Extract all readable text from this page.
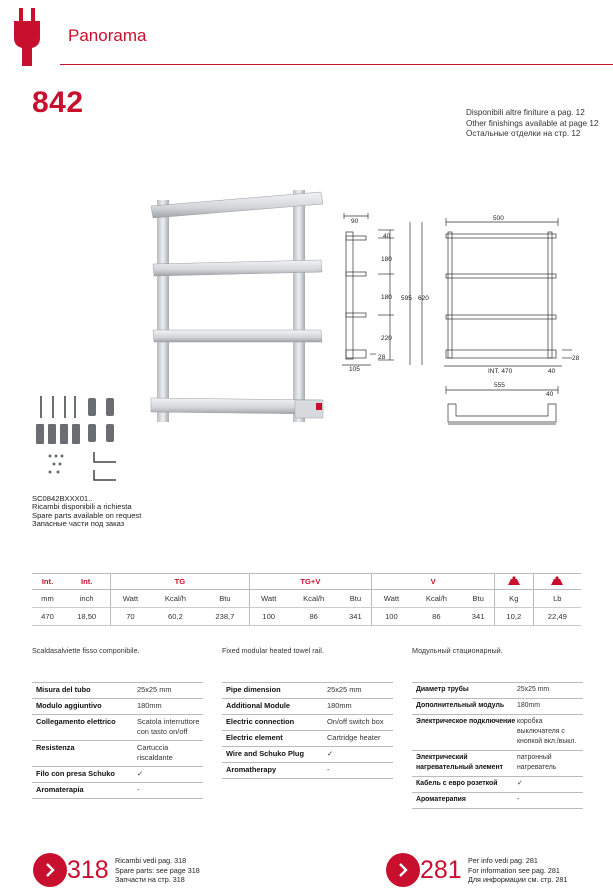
Panorama
842	Disponibili altre finiture a pag. 12
Other finishings available at page 12
Остальные отделки на стр. 12
90
40
180
180
220
595 620
28
105
500
INT. 470	40
28
555
40
SC0842BXXX01..
Ricambi disponibili a richiesta
Spare parts available on request
Запасные части под заказ
Int.	Int.	TG			TG+V			V		
mm	inch	Watt	Kcal/h	Btu	Watt	Kcal/h	Btu	Watt	Kcal/h	Btu	Kg	Lb
470	18,50	70	60,2	238,7	100	86	341	100	86	341	10,2	22,49
Scaldasalviette fisso componibile.	Fixed modular heated towel rail.	Модульный стационарный.
Misura del tubo	25x25 mm
Modulo aggiuntivo	180mm
Collegamento elettrico	Scatola interruttore con tasto on/off
Resistenza	Cartuccia riscaldante
Filo con presa Schuko	✓
Aromaterapia	-
Pipe dimension	25x25 mm
Additional Module	180mm
Electric connection	On/off switch box
Electric element	Cartridge heater
Wire and Schuko Plug	✓
Aromatherapy	-
Диаметр трубы	25x25 mm
Дополнительный модуль	180mm
Электрическое подключение	коробка выключателя с кнопкой вкл./выкл.
Электрический нагревательный элемент	патронный нагреватель
Кабель с евро розеткой	✓
Аромaтерапия	-
318 Ricambi vedi pag. 318
Spare parts: see page 318
Запчасти на стр. 318	281 Per info vedi pag. 281
For information see pag. 281
Для информации см. стр. 281
